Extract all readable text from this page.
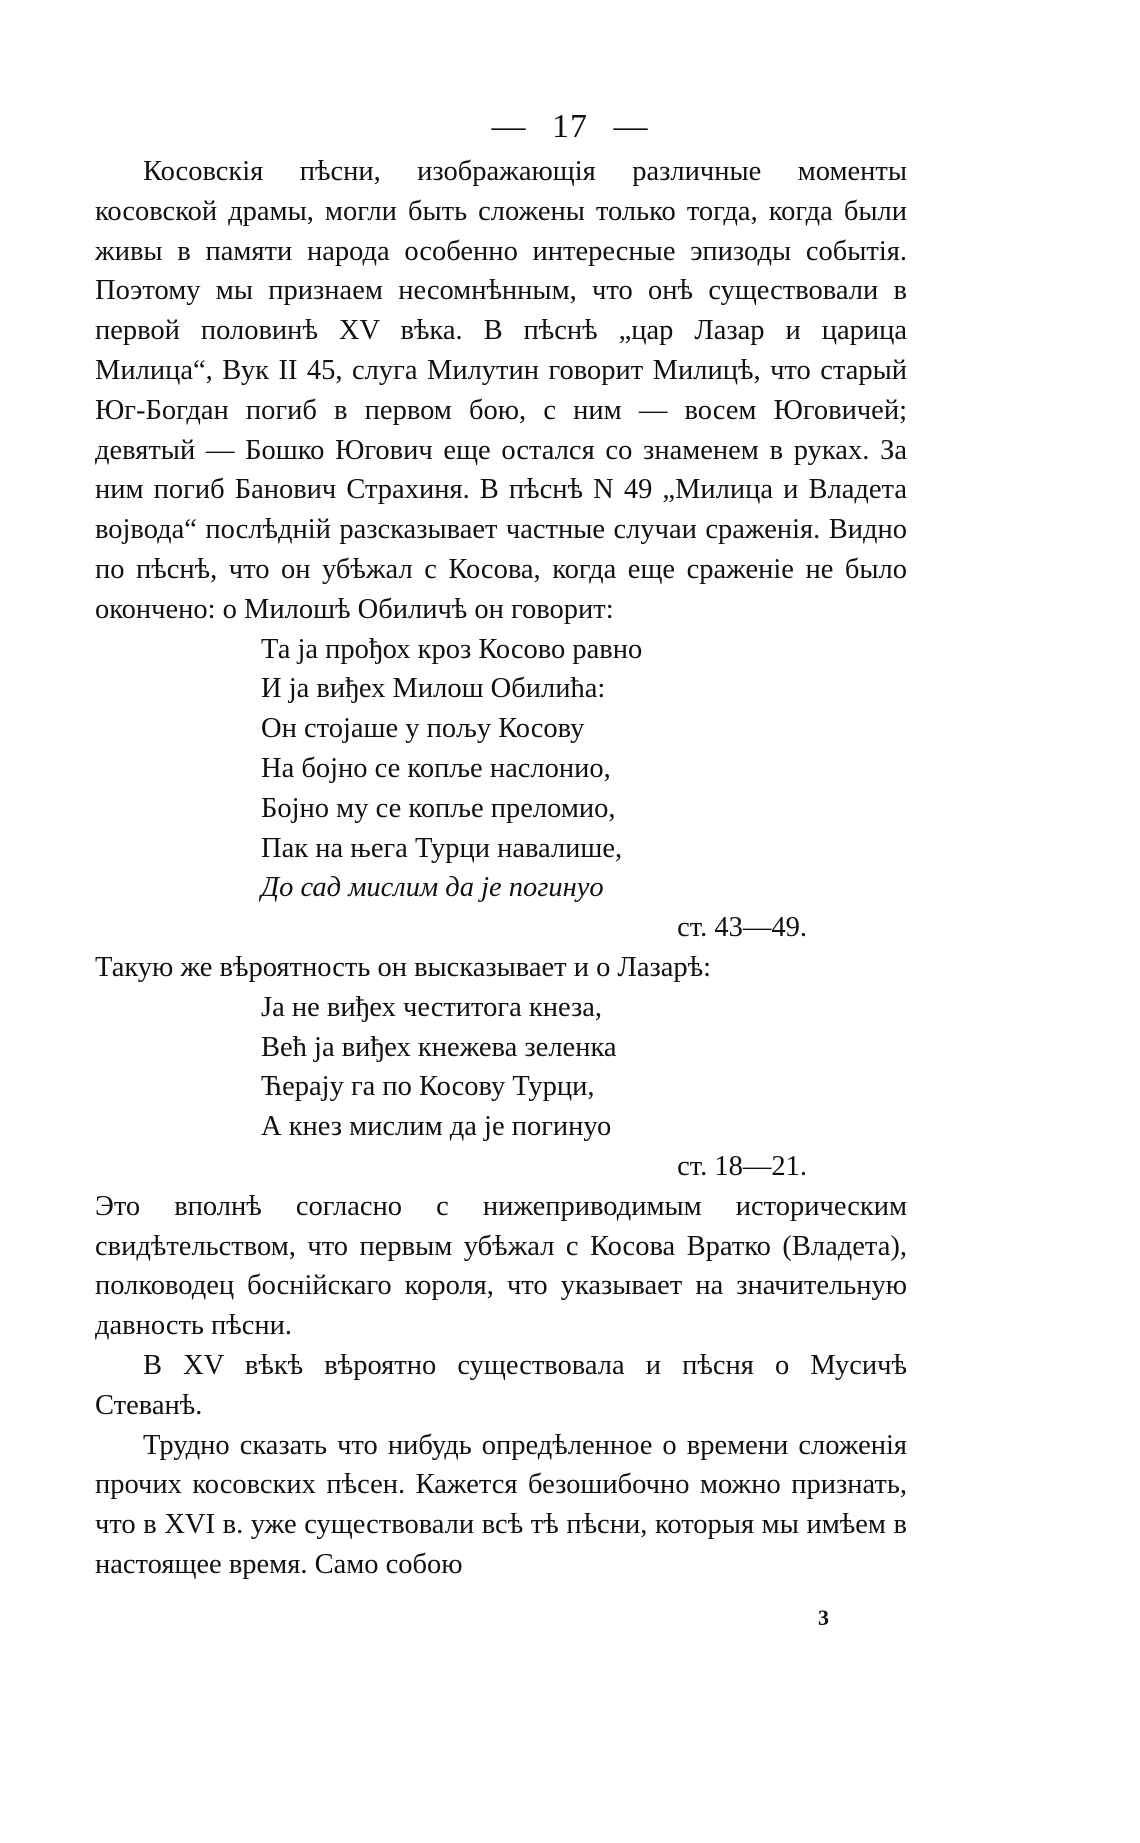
— 17 —

Косовскія пѣсни, изображающія различные моменты косовской драмы, могли быть сложены только тогда, когда были живы в памяти народа особенно интересные эпизоды событія. Поэтому мы признаем несомнѣнным, что онѣ существовали в первой половинѣ XV вѣка. В пѣснѣ „цар Лазар и царица Милица“, Вук II 45, слуга Милутин говорит Милицѣ, что старый Юг-Богдан погиб в первом бою, с ним — восем Юговичей; девятый — Бошко Югович еще остался со знаменем в руках. За ним погиб Банович Страхиня. В пѣснѣ N 49 „Милица и Владета војвода“ послѣдній разсказывает частные случаи сраженія. Видно по пѣснѣ, что он убѣжал с Косова, когда еще сраженіе не было окончено: о Милошѣ Обиличѣ он говорит:

Та ја прођох кроз Косово равно
И ја виђех Милош Обилића:
Он стојаше у пољу Косову
На бојно се копље наслонио,
Бојно му се копље преломио,
Пак на њега Турци навалише,
До сад мислим да је погинуо
ст. 43—49.

Такую же вѣроятность он высказывает и о Лазарѣ:

Ја не виђех честитога кнеза,
Већ ја виђех кнежева зеленка
Ћерају га по Косову Турци,
А кнез мислим да је погинуо
ст. 18—21.

Это вполнѣ согласно с нижеприводимым историческим свидѣтельством, что первым убѣжал с Косова Вратко (Владета), полководец боснійскаго короля, что указывает на значительную давность пѣсни.

В XV вѣкѣ вѣроятно существовала и пѣсня о Мусичѣ Стеванѣ.

Трудно сказать что нибудь опредѣленное о времени сложенія прочих косовских пѣсен. Кажется безошибочно можно признать, что в XVI в. уже существовали всѣ тѣ пѣсни, которыя мы имѣем в настоящее время. Само собою

3
